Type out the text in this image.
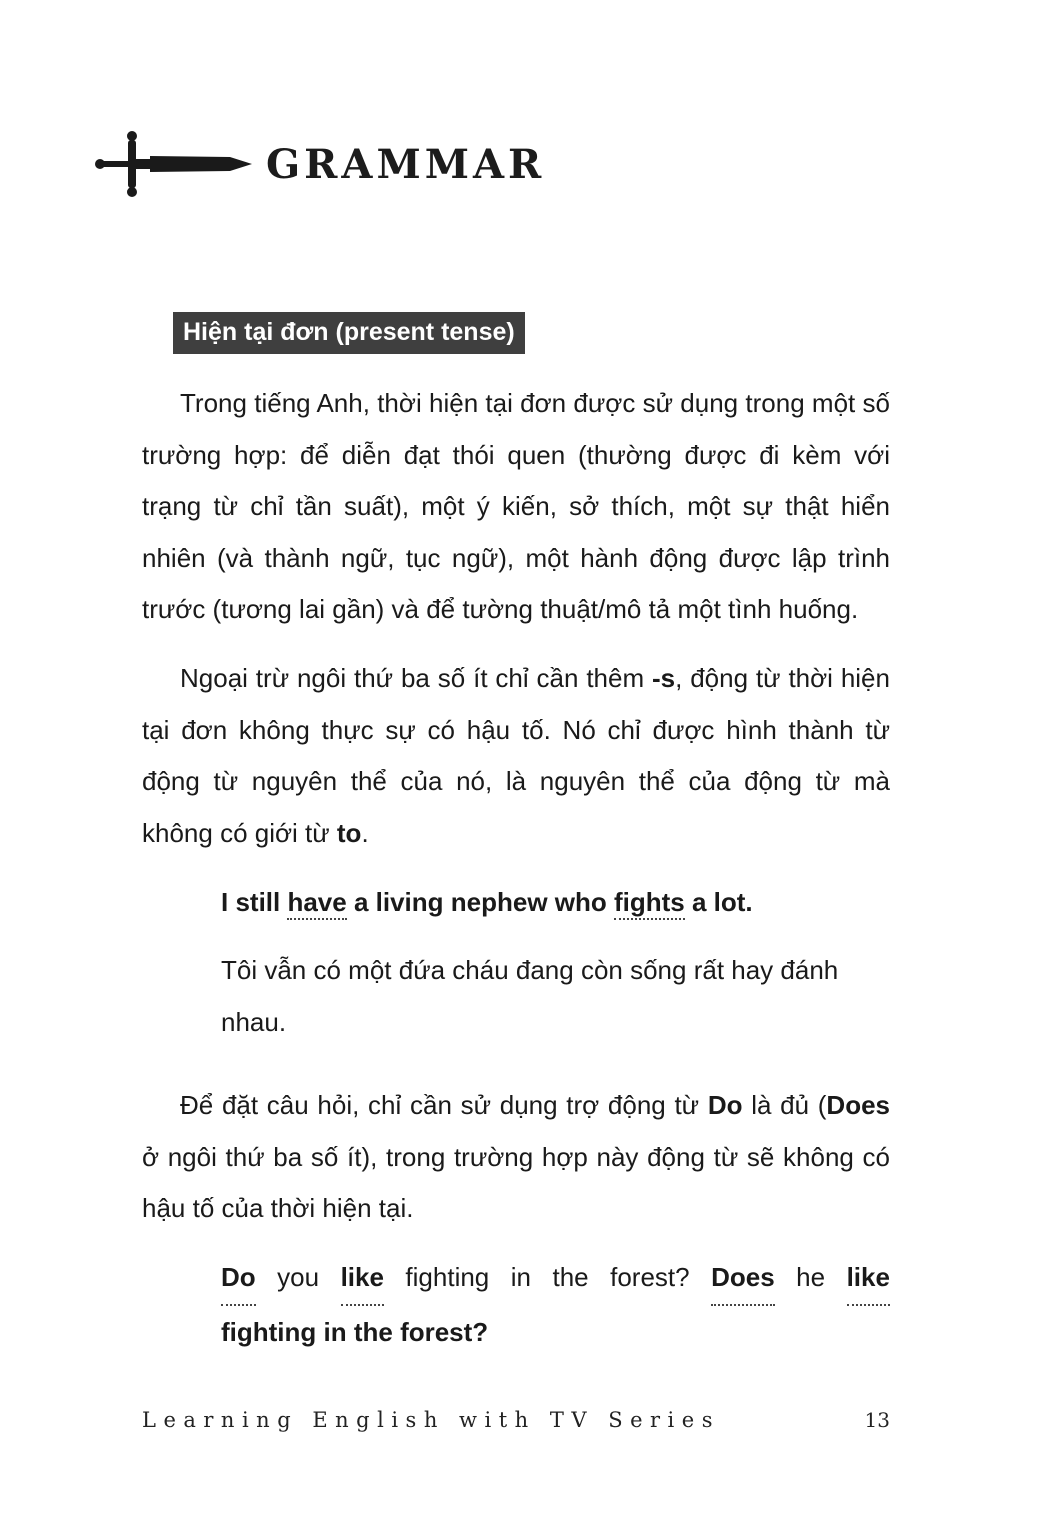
GRAMMAR
Hiện tại đơn (present tense)

Trong tiếng Anh, thời hiện tại đơn được sử dụng trong một số trường hợp: để diễn đạt thói quen (thường được đi kèm với trạng từ chỉ tần suất), một ý kiến, sở thích, một sự thật hiển nhiên (và thành ngữ, tục ngữ), một hành động được lập trình trước (tương lai gần) và để tường thuật/mô tả một tình huống.

Ngoại trừ ngôi thứ ba số ít chỉ cần thêm -s, động từ thời hiện tại đơn không thực sự có hậu tố. Nó chỉ được hình thành từ động từ nguyên thể của nó, là nguyên thể của động từ mà không có giới từ to.

I still have a living nephew who fights a lot.

Tôi vẫn có một đứa cháu đang còn sống rất hay đánh nhau.

Để đặt câu hỏi, chỉ cần sử dụng trợ động từ Do là đủ (Does ở ngôi thứ ba số ít), trong trường hợp này động từ sẽ không có hậu tố của thời hiện tại.

Do you like fighting in the forest? Does he like
fighting in the forest?
Learning English with TV Series	13
